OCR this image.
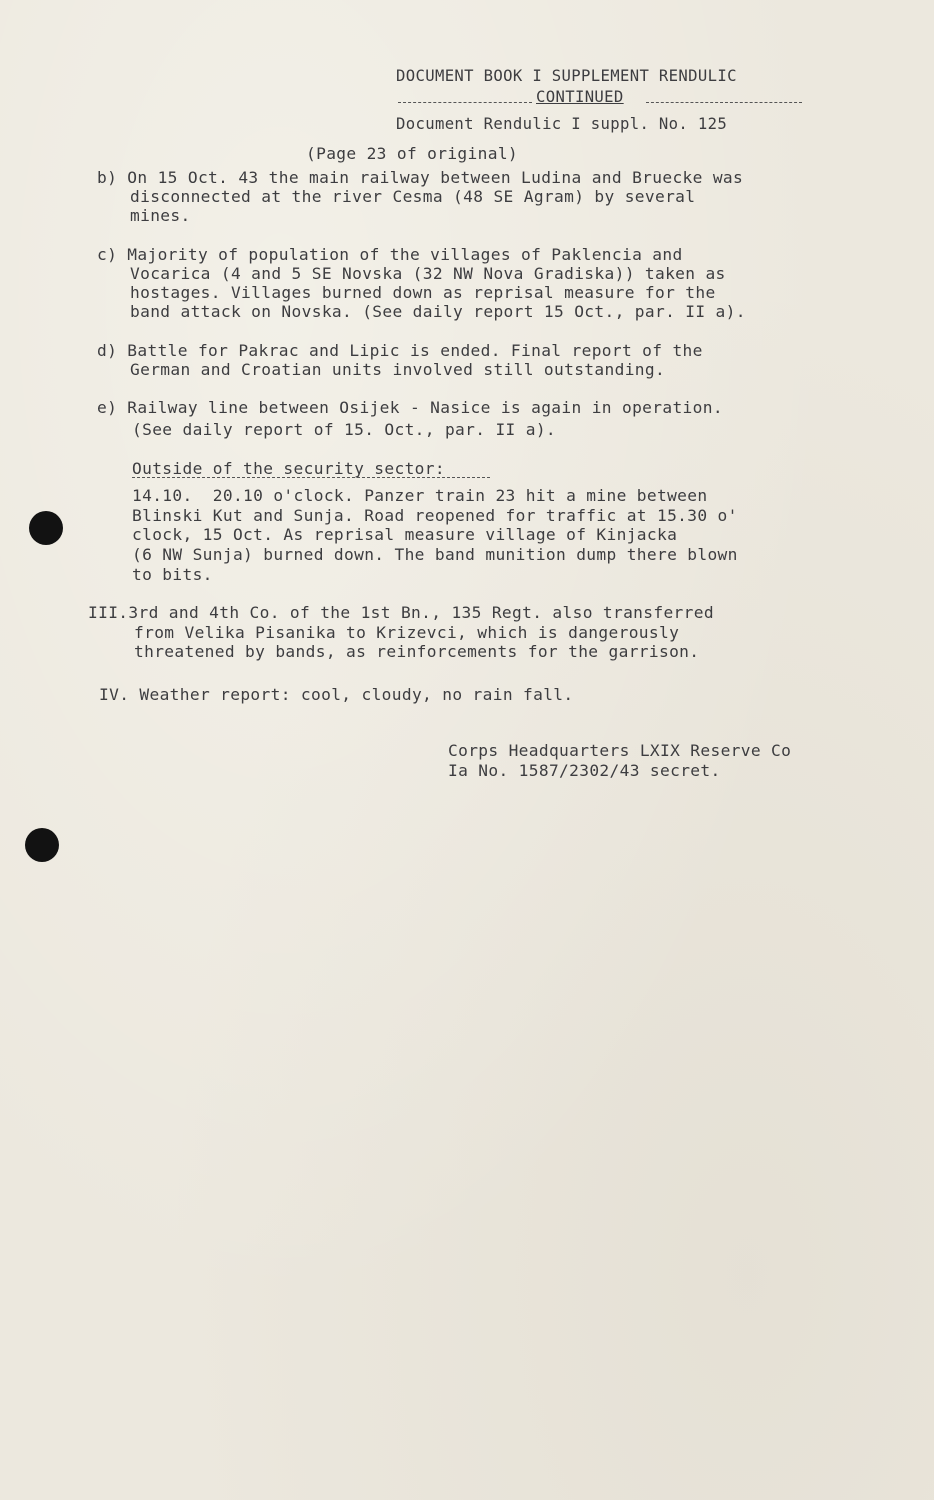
DOCUMENT BOOK I SUPPLEMENT RENDULIC
CONTINUED
Document Rendulic I suppl. No. 125
(Page 23 of original)
b) On 15 Oct. 43 the main railway between Ludina and Bruecke was
disconnected at the river Cesma (48 SE Agram) by several
mines.
c) Majority of population of the villages of Paklencia and
Vocarica (4 and 5 SE Novska (32 NW Nova Gradiska)) taken as
hostages. Villages burned down as reprisal measure for the
band attack on Novska. (See daily report 15 Oct., par. II a).
d) Battle for Pakrac and Lipic is ended. Final report of the
German and Croatian units involved still outstanding.
e) Railway line between Osijek - Nasice is again in operation.
(See daily report of 15. Oct., par. II a).
Outside of the security sector:
14.10.  20.10 o'clock. Panzer train 23 hit a mine between
Blinski Kut and Sunja. Road reopened for traffic at 15.30 o'
clock, 15 Oct. As reprisal measure village of Kinjacka
(6 NW Sunja) burned down. The band munition dump there blown
to bits.
III.3rd and 4th Co. of the 1st Bn., 135 Regt. also transferred
from Velika Pisanika to Krizevci, which is dangerously
threatened by bands, as reinforcements for the garrison.
IV. Weather report: cool, cloudy, no rain fall.
Corps Headquarters LXIX Reserve Co
Ia No. 1587/2302/43 secret.
